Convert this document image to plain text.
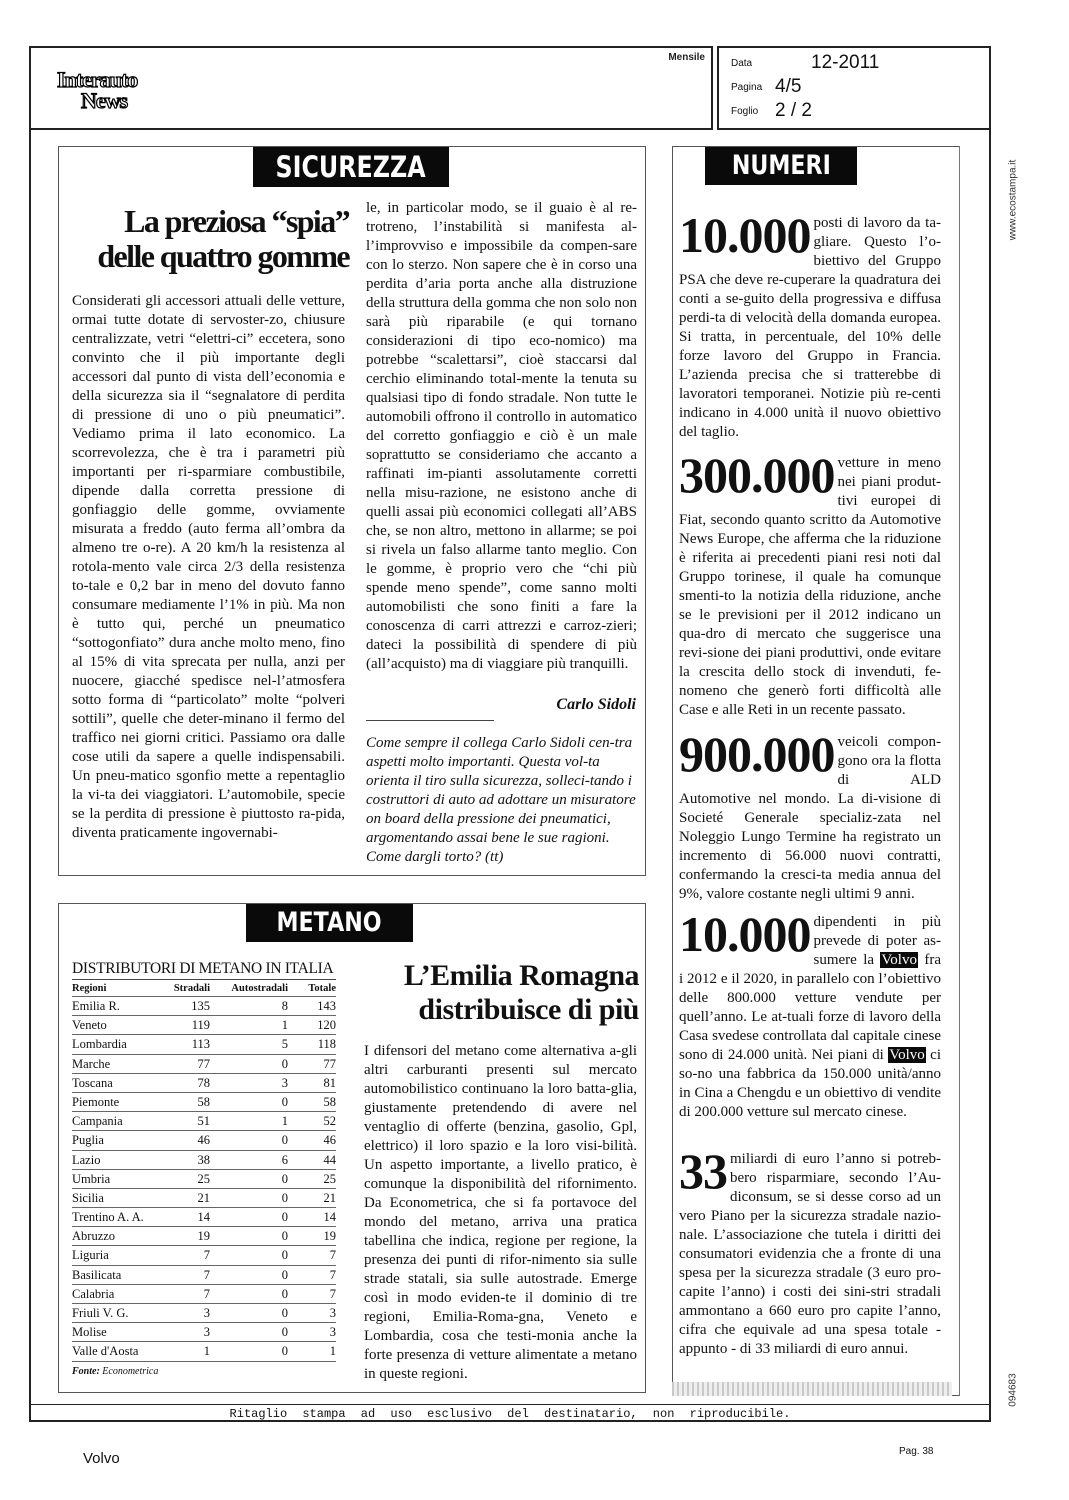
Interauto
News
Mensile
Data	12-2011
Pagina 4/5
Foglio 2 / 2
www.ecostampa.it
094683
SICUREZZA
La preziosa “spia”
delle quattro gomme
Considerati gli accessori attuali delle vetture, ormai tutte dotate di servoster-zo, chiusure centralizzate, vetri “elettri-ci” eccetera, sono convinto che il più importante degli accessori dal punto di vista dell’economia e della sicurezza sia il “segnalatore di perdita di pressione di uno o più pneumatici”. Vediamo prima il lato economico. La scorrevolezza, che è tra i parametri più importanti per ri-sparmiare combustibile, dipende dalla corretta pressione di gonfiaggio delle gomme, ovviamente misurata a freddo (auto ferma all’ombra da almeno tre o-re). A 20 km/h la resistenza al rotola-mento vale circa 2/3 della resistenza to-tale e 0,2 bar in meno del dovuto fanno consumare mediamente l’1% in più. Ma non è tutto qui, perché un pneumatico “sottogonfiato” dura anche molto meno, fino al 15% di vita sprecata per nulla, anzi per nuocere, giacché spedisce nel-l’atmosfera sotto forma di “particolato” molte “polveri sottili”, quelle che deter-minano il fermo del traffico nei giorni critici. Passiamo ora dalle cose utili da sapere a quelle indispensabili. Un pneu-matico sgonfio mette a repentaglio la vi-ta dei viaggiatori. L’automobile, specie se la perdita di pressione è piuttosto ra-pida, diventa praticamente ingovernabi-
le, in particolar modo, se il guaio è al re-trotreno, l’instabilità si manifesta al-l’improvviso e impossibile da compen-sare con lo sterzo. Non sapere che è in corso una perdita d’aria porta anche alla distruzione della struttura della gomma che non solo non sarà più riparabile (e qui tornano considerazioni di tipo eco-nomico) ma potrebbe “scalettarsi”, cioè staccarsi dal cerchio eliminando total-mente la tenuta su qualsiasi tipo di fondo stradale. Non tutte le automobili offrono il controllo in automatico del corretto gonfiaggio e ciò è un male soprattutto se consideriamo che accanto a raffinati im-pianti assolutamente corretti nella misu-razione, ne esistono anche di quelli assai più economici collegati all’ABS che, se non altro, mettono in allarme; se poi si rivela un falso allarme tanto meglio. Con le gomme, è proprio vero che “chi più spende meno spende”, come sanno molti automobilisti che sono finiti a fare la conoscenza di carri attrezzi e carroz-zieri; dateci la possibilità di spendere di più (all’acquisto) ma di viaggiare più tranquilli.
Carlo Sidoli
Come sempre il collega Carlo Sidoli cen-tra aspetti molto importanti. Questa vol-ta orienta il tiro sulla sicurezza, solleci-tando i costruttori di auto ad adottare un misuratore on board della pressione dei pneumatici, argomentando assai bene le sue ragioni. Come dargli torto? (tt)
METANO
DISTRIBUTORI DI METANO IN ITALIA
Regioni	Stradali	Autostradali	Totale
Emilia R.	135	8	143
Veneto	119	1	120
Lombardia	113	5	118
Marche	77	0	77
Toscana	78	3	81
Piemonte	58	0	58
Campania	51	1	52
Puglia	46	0	46
Lazio	38	6	44
Umbria	25	0	25
Sicilia	21	0	21
Trentino A. A.	14	0	14
Abruzzo	19	0	19
Liguria	7	0	7
Basilicata	7	0	7
Calabria	7	0	7
Friuli V. G.	3	0	3
Molise	3	0	3
Valle d'Aosta	1	0	1
Fonte: Econometrica
L’Emilia Romagna
distribuisce di più
I difensori del metano come alternativa a-gli altri carburanti presenti sul mercato automobilistico continuano la loro batta-glia, giustamente pretendendo di avere nel ventaglio di offerte (benzina, gasolio, Gpl, elettrico) il loro spazio e la loro visi-bilità. Un aspetto importante, a livello pratico, è comunque la disponibilità del rifornimento. Da Econometrica, che si fa portavoce del mondo del metano, arriva una pratica tabellina che indica, regione per regione, la presenza dei punti di rifor-nimento sia sulle strade statali, sia sulle autostrade. Emerge così in modo eviden-te il dominio di tre regioni, Emilia-Roma-gna, Veneto e Lombardia, cosa che testi-monia anche la forte presenza di vetture alimentate a metano in queste regioni.
NUMERI
10.000 posti di lavoro da ta-gliare. Questo l’o-biettivo del Gruppo PSA che deve re-cuperare la quadratura dei conti a se-guito della progressiva e diffusa perdi-ta di velocità della domanda europea. Si tratta, in percentuale, del 10% delle forze lavoro del Gruppo in Francia. L’azienda precisa che si tratterebbe di lavoratori temporanei. Notizie più re-centi indicano in 4.000 unità il nuovo obiettivo del taglio.
300.000 vetture in meno nei piani produt-tivi europei di Fiat, secondo quanto scritto da Automotive News Europe, che afferma che la riduzione è riferita ai precedenti piani resi noti dal Gruppo torinese, il quale ha comunque smenti-to la notizia della riduzione, anche se le previsioni per il 2012 indicano un qua-dro di mercato che suggerisce una revi-sione dei piani produttivi, onde evitare la crescita dello stock di invenduti, fe-nomeno che generò forti difficoltà alle Case e alle Reti in un recente passato.
900.000 veicoli compon-gono ora la flotta di ALD Automotive nel mondo. La di-visione di Societé Generale specializ-zata nel Noleggio Lungo Termine ha registrato un incremento di 56.000 nuovi contratti, confermando la cresci-ta media annua del 9%, valore costante negli ultimi 9 anni.
10.000 dipendenti in più prevede di poter as-sumere la Volvo fra i 2012 e il 2020, in parallelo con l’obiettivo delle 800.000 vetture vendute per quell’anno. Le at-tuali forze di lavoro della Casa svedese controllata dal capitale cinese sono di 24.000 unità. Nei piani di Volvo ci so-no una fabbrica da 150.000 unità/anno in Cina a Chengdu e un obiettivo di vendite di 200.000 vetture sul mercato cinese.
33 miliardi di euro l’anno si potreb-bero risparmiare, secondo l’Au-diconsum, se si desse corso ad un vero Piano per la sicurezza stradale nazio-nale. L’associazione che tutela i diritti dei consumatori evidenzia che a fronte di una spesa per la sicurezza stradale (3 euro pro-capite l’anno) i costi dei sini-stri stradali ammontano a 660 euro pro capite l’anno, cifra che equivale ad una spesa totale - appunto - di 33 miliardi di euro annui.
Ritaglio stampa ad uso esclusivo del destinatario, non riproducibile.
Volvo	Pag. 38
